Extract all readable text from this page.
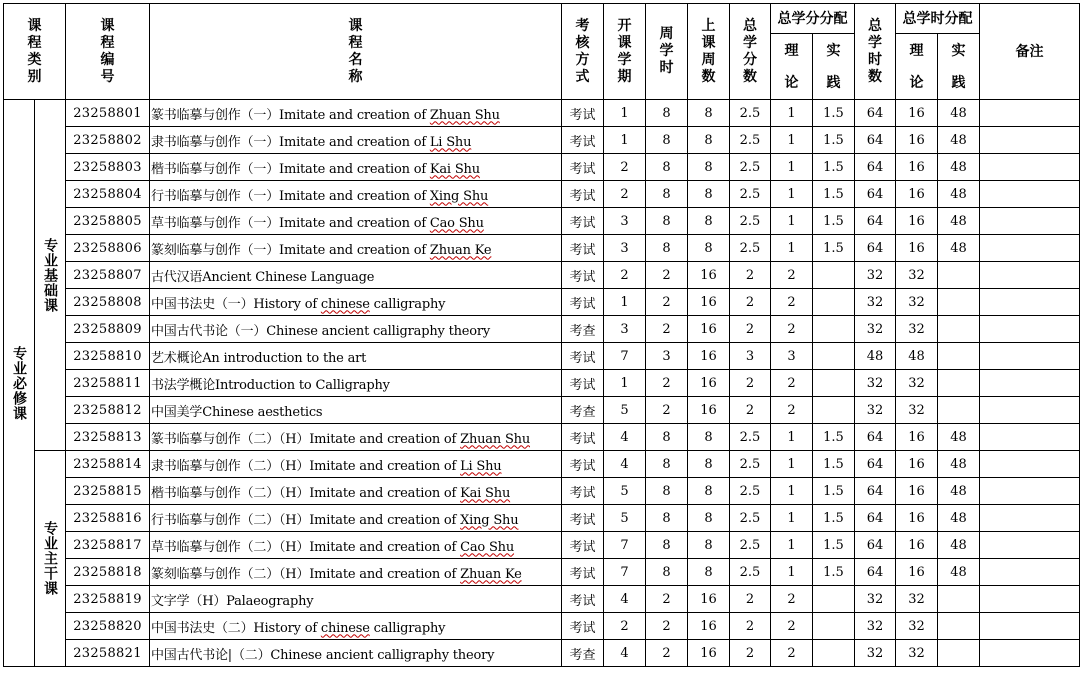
课程类别		课程编号	课程名称	考核方式	开课学期	周学时	上课周数	总学分数	总学分分配		总学时数	总学时分配		备注

									理论	实践		理论	实践	

专业必修课	专业基础课	23258801	篆书临摹与创作（一）Imitate and creation of Zhuan Shu	考试	1	8	8	2.5	1	1.5	64	16	48	
		23258802	隶书临摹与创作（一）Imitate and creation of Li Shu	考试	1	8	8	2.5	1	1.5	64	16	48	
		23258803	楷书临摹与创作（一）Imitate and creation of Kai Shu	考试	2	8	8	2.5	1	1.5	64	16	48	
		23258804	行书临摹与创作（一）Imitate and creation of Xing Shu	考试	2	8	8	2.5	1	1.5	64	16	48	
		23258805	草书临摹与创作（一）Imitate and creation of Cao Shu	考试	3	8	8	2.5	1	1.5	64	16	48	
		23258806	篆刻临摹与创作（一）Imitate and creation of Zhuan Ke	考试	3	8	8	2.5	1	1.5	64	16	48	
		23258807	古代汉语Ancient Chinese Language	考试	2	2	16	2	2		32	32		
		23258808	中国书法史（一）History of chinese calligraphy	考试	1	2	16	2	2		32	32		
		23258809	中国古代书论（一）Chinese ancient calligraphy theory	考查	3	2	16	2	2		32	32		
		23258810	艺术概论An introduction to the art	考试	7	3	16	3	3		48	48		
		23258811	书法学概论Introduction to Calligraphy	考试	1	2	16	2	2		32	32		
		23258812	中国美学Chinese aesthetics	考查	5	2	16	2	2		32	32		
		23258813	篆书临摹与创作（二）（H）Imitate and creation of Zhuan Shu	考试	4	8	8	2.5	1	1.5	64	16	48	
	专业主干课	23258814	隶书临摹与创作（二）（H）Imitate and creation of Li Shu	考试	4	8	8	2.5	1	1.5	64	16	48	
		23258815	楷书临摹与创作（二）（H）Imitate and creation of Kai Shu	考试	5	8	8	2.5	1	1.5	64	16	48	
		23258816	行书临摹与创作（二）（H）Imitate and creation of Xing Shu	考试	5	8	8	2.5	1	1.5	64	16	48	
		23258817	草书临摹与创作（二）（H）Imitate and creation of Cao Shu	考试	7	8	8	2.5	1	1.5	64	16	48	
		23258818	篆刻临摹与创作（二）（H）Imitate and creation of Zhuan Ke	考试	7	8	8	2.5	1	1.5	64	16	48	
		23258819	文字学（H）Palaeography	考试	4	2	16	2	2		32	32		
		23258820	中国书法史（二）History of chinese calligraphy	考试	2	2	16	2	2		32	32		
		23258821	中国古代书论|（二）Chinese ancient calligraphy theory	考查	4	2	16	2	2		32	32		
